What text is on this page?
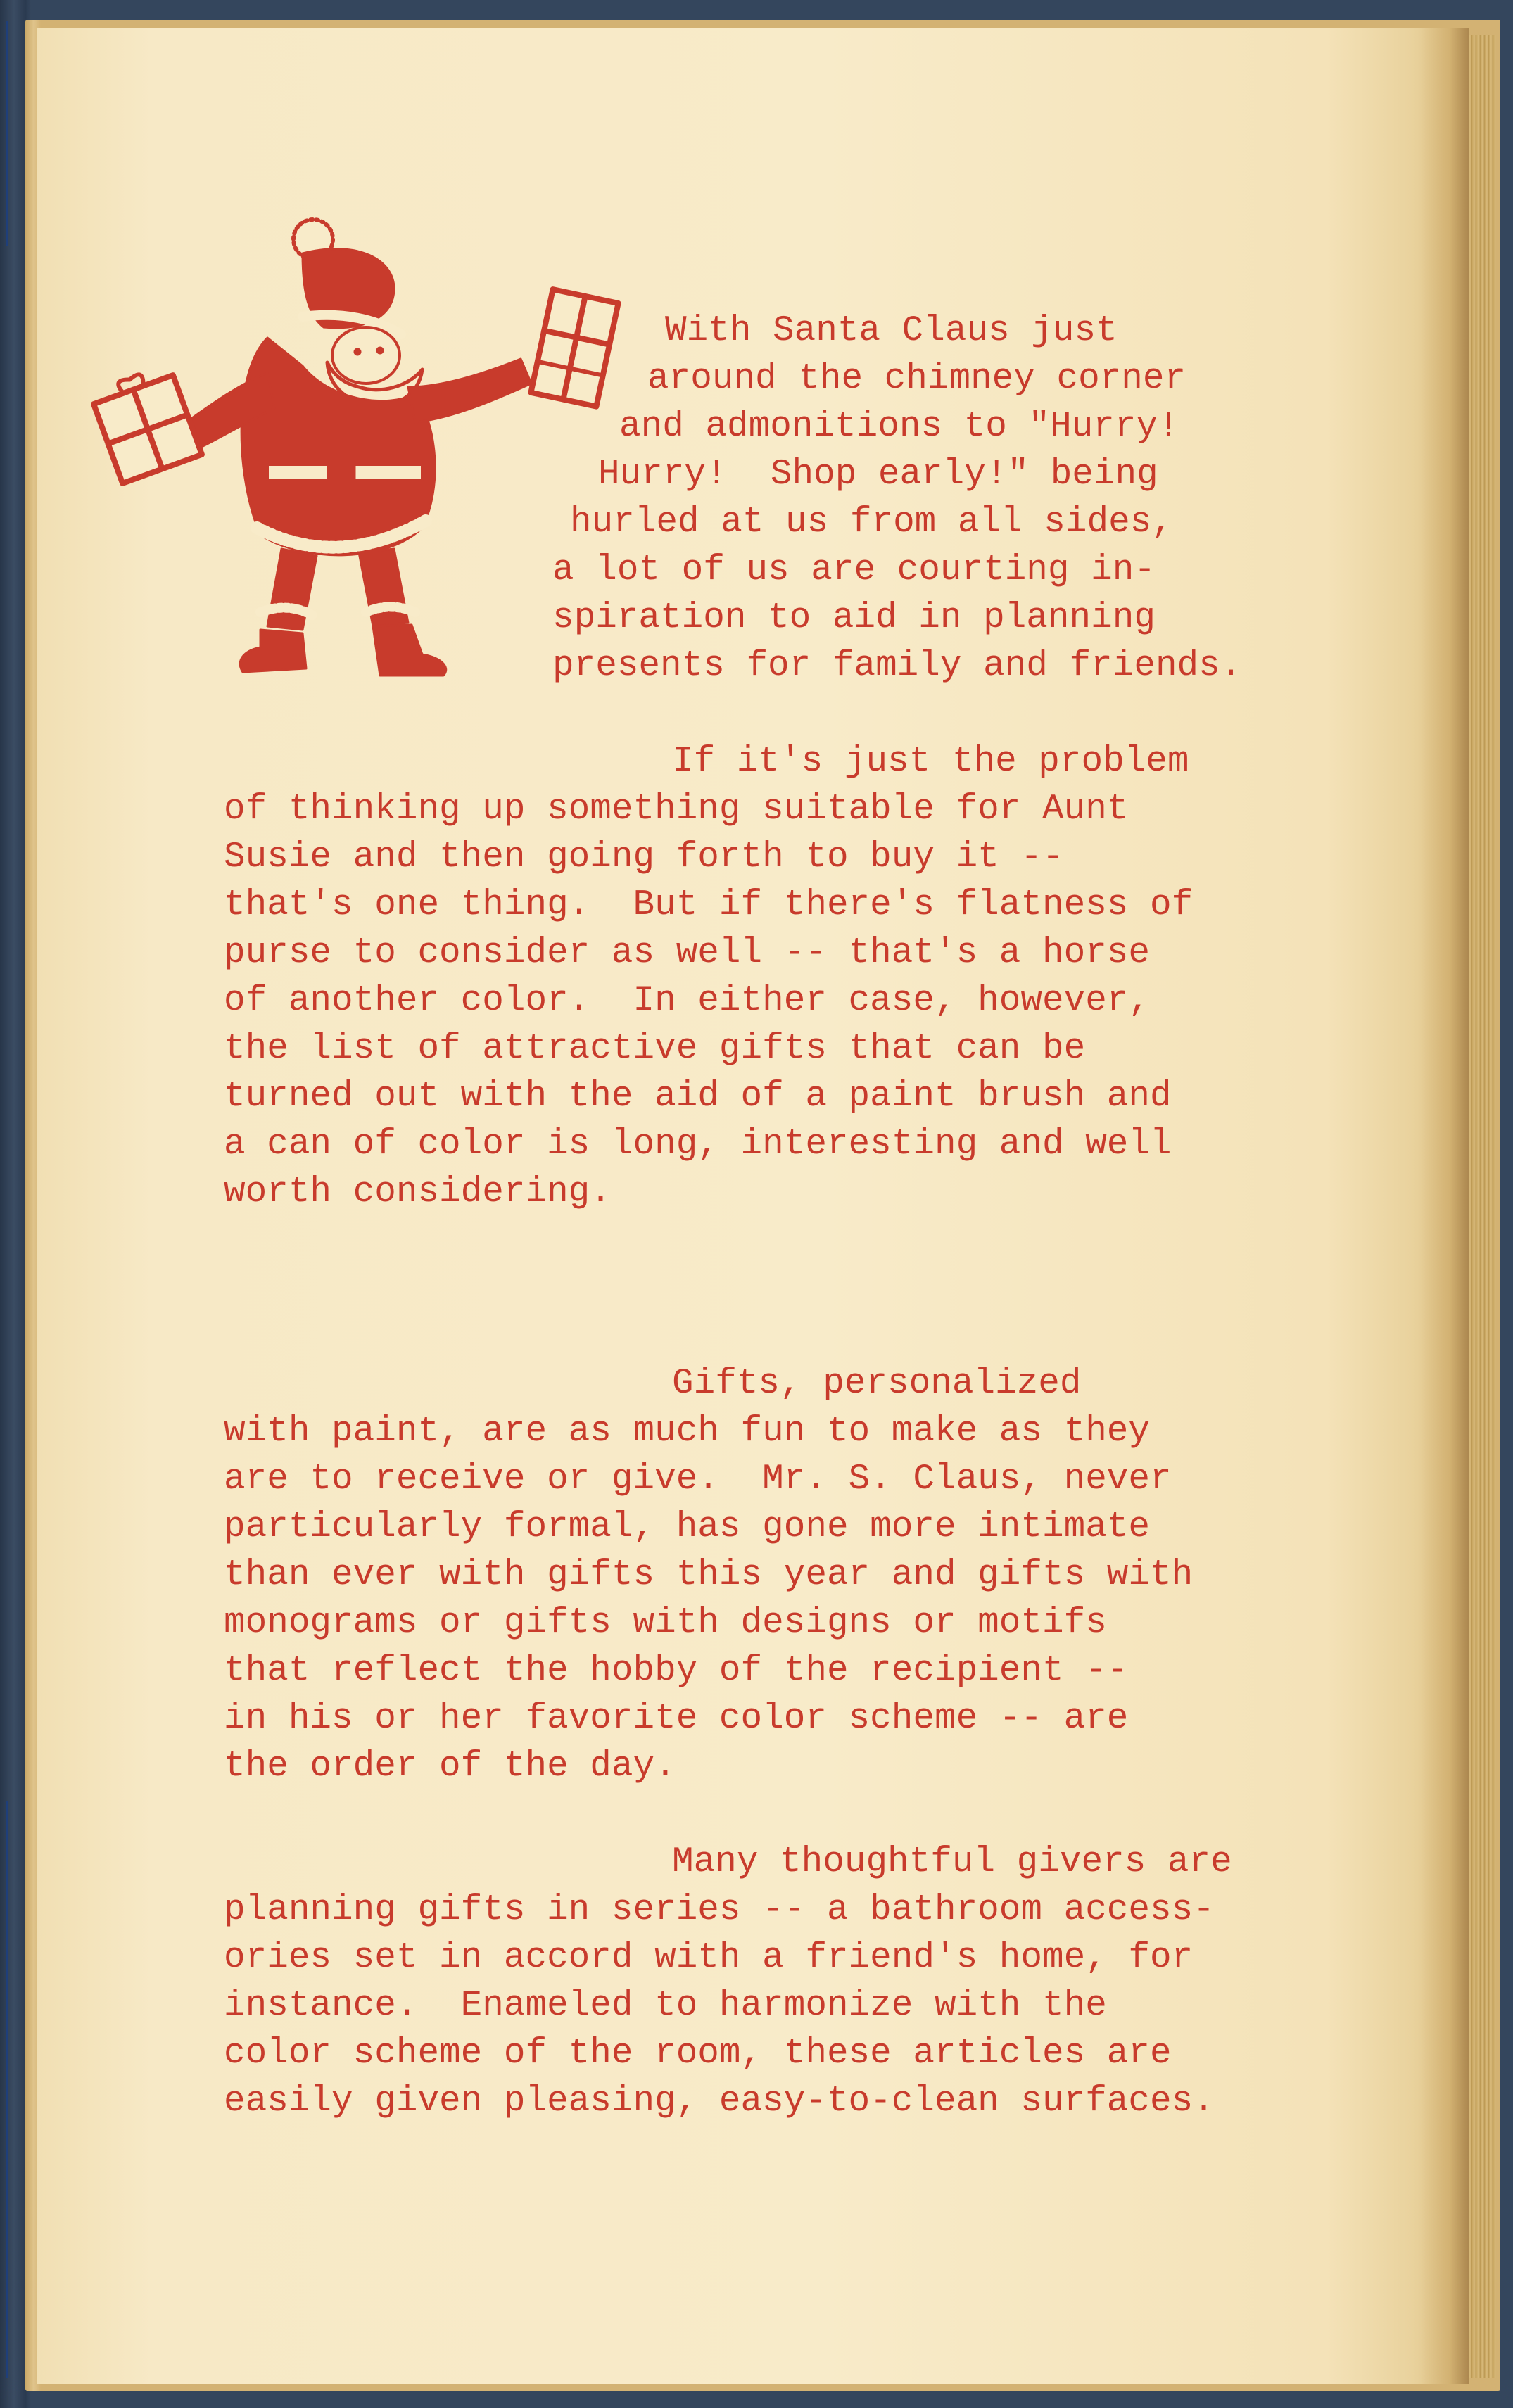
With Santa Claus just

around the chimney corner

and admonitions to "Hurry!

Hurry!  Shop early!" being

hurled at us from all sides,

a lot of us are courting in-

spiration to aid in planning

presents for family and friends.

If it's just the problem

of thinking up something suitable for Aunt

Susie and then going forth to buy it --

that's one thing.  But if there's flatness of

purse to consider as well -- that's a horse

of another color.  In either case, however,

the list of attractive gifts that can be

turned out with the aid of a paint brush and

a can of color is long, interesting and well

worth considering.

Gifts, personalized

with paint, are as much fun to make as they

are to receive or give.  Mr. S. Claus, never

particularly formal, has gone more intimate

than ever with gifts this year and gifts with

monograms or gifts with designs or motifs

that reflect the hobby of the recipient --

in his or her favorite color scheme -- are

the order of the day.

Many thoughtful givers are

planning gifts in series -- a bathroom access-

ories set in accord with a friend's home, for

instance.  Enameled to harmonize with the

color scheme of the room, these articles are

easily given pleasing, easy-to-clean surfaces.
